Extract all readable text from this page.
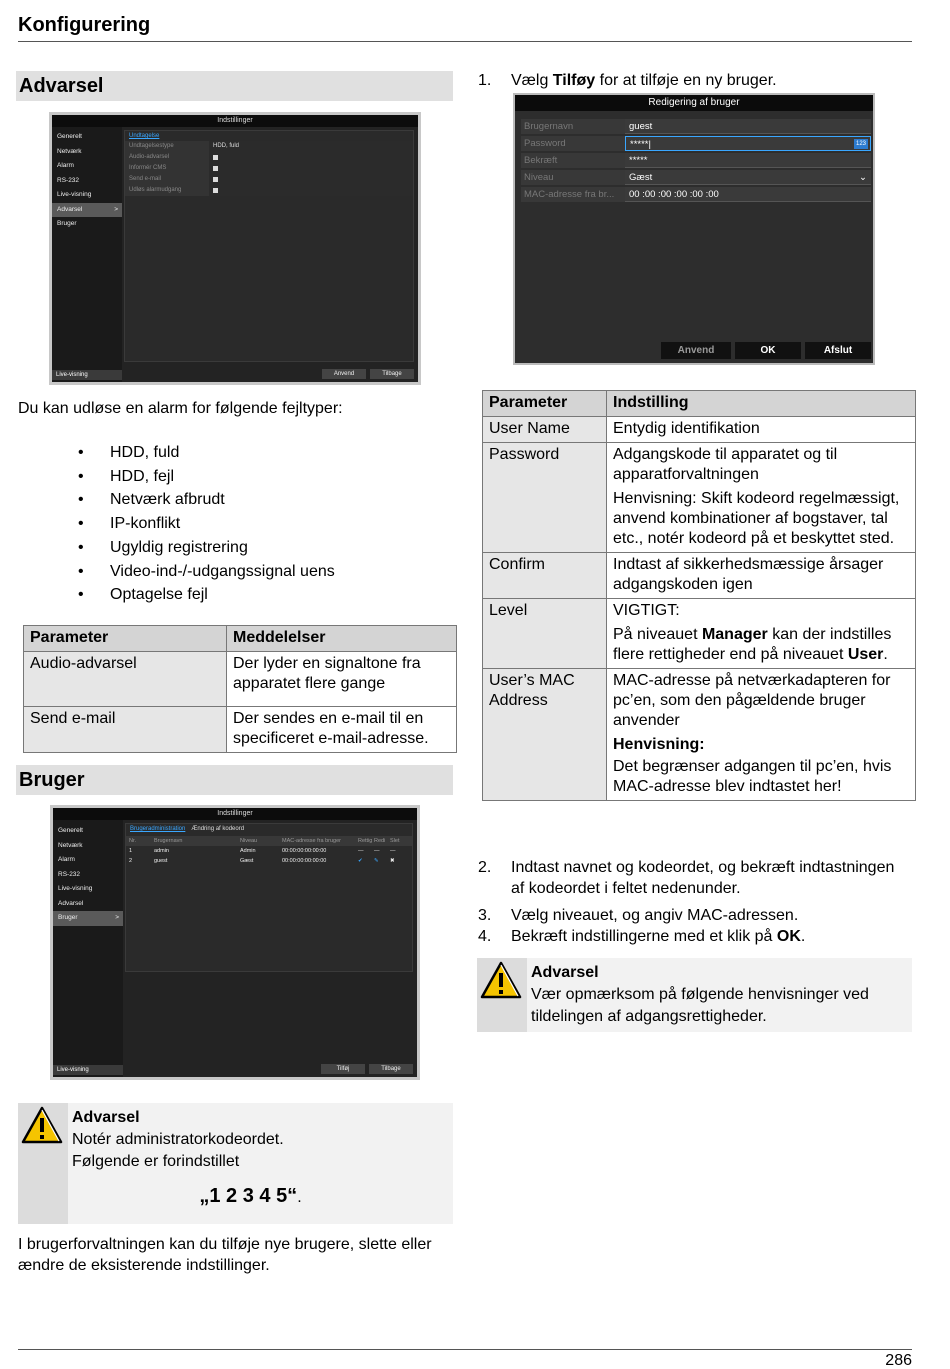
Konfigurering
Advarsel
Indstillinger
Generelt
Netværk
Alarm
RS-232
Live-visning
Advarsel >
Bruger
Undtagelse
Undtagelsestype	HDD, fuld
Audio-advarsel
Informér CMS
Send e-mail
Udløs alarmudgang
Live-visning	Anvend	Tilbage
Du kan udløse en alarm for følgende fejltyper:
• HDD, fuld
• HDD, fejl
• Netværk afbrudt
• IP-konflikt
• Ugyldig registrering
• Video-ind-/-udgangssignal uens
• Optagelse fejl
Parameter	Meddelelser
Audio-advarsel	Der lyder en signaltone fra apparatet flere gange
Send e-mail	Der sendes en e-mail til en specificeret e-mail-adresse.
Bruger
Indstillinger
Generelt
Netværk
Alarm
RS-232
Live-visning
Advarsel
Bruger >
Brugeradministration Ændring af kodeord
Nr.	Brugernavn	Niveau	MAC-adresse fra bruger	Rettig Redi Slet
1	admin	Admin	00:00:00:00:00:00	—	—	—
2	guest	Gæst	00:00:00:00:00:00	✔	✎	✖
Live-visning	Tilføj	Tilbage
Advarsel
Notér administratorkodeordet.
Følgende er forindstillet
„1 2 3 4 5“.
I brugerforvaltningen kan du tilføje nye brugere, slette eller ændre de eksisterende indstillinger.
1. Vælg Tilføy for at tilføje en ny bruger.
Redigering af bruger
Brugernavn	guest
Password	*****|	123
Bekræft	*****
Niveau	Gæst	⌄
MAC-adresse fra br...	00 :00 :00 :00 :00 :00
Anvend	OK	Afslut
Parameter	Indstilling
User Name	Entydig identifikation
Password	Adgangskode til apparatet og til apparatforvaltningen

Henvisning: Skift kodeord regelmæssigt, anvend kombinationer af bogstaver, tal etc., notér kodeord på et beskyttet sted.

Confirm	Indtast af sikkerhedsmæssige årsager adgangskoden igen
Level	VIGTIGT:

På niveauet Manager kan der indstilles flere rettigheder end på niveauet User.

User’s MAC Address	MAC-adresse på netværkadapteren for pc’en, som den pågældende bruger anvender

Henvisning:

Det begrænser adgangen til pc’en, hvis MAC-adresse blev indtastet her!

2.	Indtast navnet og kodeordet, og bekræft indtastningen af kodeordet i feltet nedenunder.
3.	Vælg niveauet, og angiv MAC-adressen.
4.	Bekræft indstillingerne med et klik på OK.
Advarsel
Vær opmærksom på følgende henvisninger ved tildelingen af adgangsrettigheder.
286
